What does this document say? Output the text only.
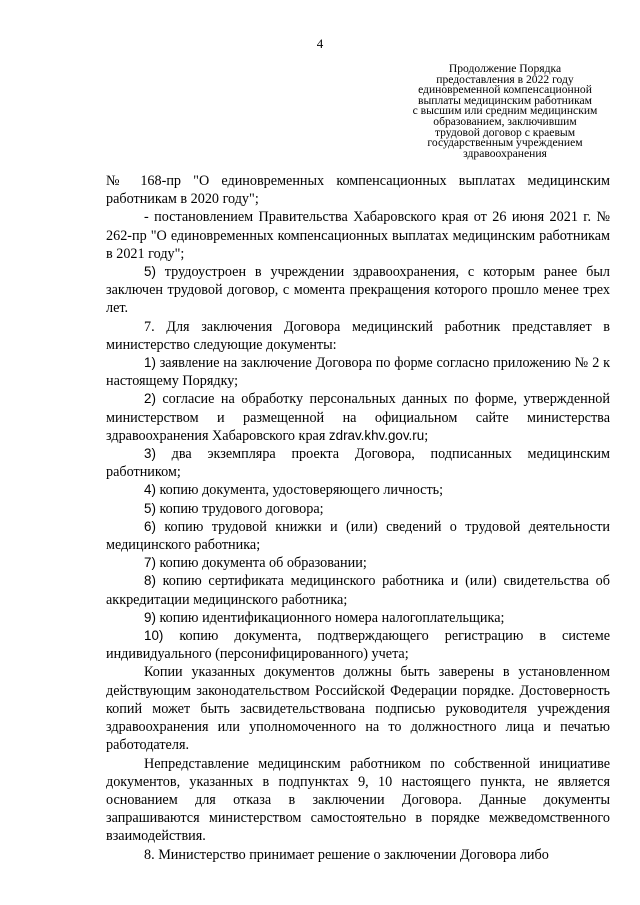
4
Продолжение Порядка
предоставления в 2022 году
единовременной компенсационной
выплаты медицинским работникам
с высшим или средним медицинским
образованием, заключившим
трудовой договор с краевым
государственным учреждением
здравоохранения

№ 168-пр "О единовременных компенсационных выплатах медицинским работникам в 2020 году";

- постановлением Правительства Хабаровского края от 26 июня 2021 г. № 262-пр "О единовременных компенсационных выплатах медицинским работникам в 2021 году";

5) трудоустроен в учреждении здравоохранения, с которым ранее был заключен трудовой договор, с момента прекращения которого прошло менее трех лет.

7. Для заключения Договора медицинский работник представляет в министерство следующие документы:

1) заявление на заключение Договора по форме согласно приложению № 2 к настоящему Порядку;

2) согласие на обработку персональных данных по форме, утвержденной министерством и размещенной на официальном сайте министерства здравоохранения Хабаровского края zdrav.khv.gov.ru;

3) два экземпляра проекта Договора, подписанных медицинским работником;

4) копию документа, удостоверяющего личность;

5) копию трудового договора;

6) копию трудовой книжки и (или) сведений о трудовой деятельности медицинского работника;

7) копию документа об образовании;

8) копию сертификата медицинского работника и (или) свидетельства об аккредитации медицинского работника;

9) копию идентификационного номера налогоплательщика;

10) копию документа, подтверждающего регистрацию в системе индивидуального (персонифицированного) учета;

Копии указанных документов должны быть заверены в установленном действующим законодательством Российской Федерации порядке. Достоверность копий может быть засвидетельствована подписью руководителя учреждения здравоохранения или уполномоченного на то должностного лица и печатью работодателя.

Непредставление медицинским работником по собственной инициативе документов, указанных в подпунктах 9, 10 настоящего пункта, не является основанием для отказа в заключении Договора. Данные документы запрашиваются министерством самостоятельно в порядке межведомственного взаимодействия.

8. Министерство принимает решение о заключении Договора либо
